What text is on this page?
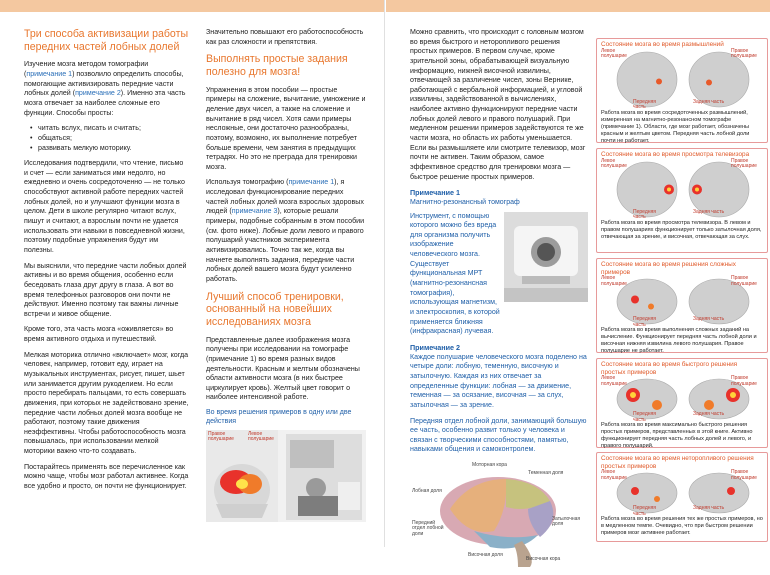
Три способа активизации работы передних частей лобных долей

Изучение мозга методом томографии (примечание 1) позволило определить способы, помогающие активизировать передние части лобных долей (примечание 2). Именно эта часть мозга отвечает за наиболее сложные его функции. Способы просты:

• читать вслух, писать и считать;
• общаться;
• развивать мелкую моторику.

Исследования подтвердили, что чтение, письмо и счет — если заниматься ими недолго, но ежедневно и очень сосредоточенно — не только способствуют активной работе передних частей лобных долей, но и улучшают функции мозга в целом. Дети в школе регулярно читают вслух, пишут и считают, а взрослым почти не удается использовать эти навыки в повседневной жизни, поэтому подобные упражнения будут им полезны.

Мы выяснили, что передние части лобных долей активны и во время общения, особенно если беседовать глаза друг другу в глаза. А вот во время телефонных разговоров они почти не действуют. Именно поэтому так важны личные встречи и живое общение.

Кроме того, эта часть мозга «оживляется» во время активного отдыха и путешествий.

Мелкая моторика отлично «включает» мозг, когда человек, например, готовит еду, играет на музыкальных инструментах, рисует, пишет, шьет или занимается другим рукоделием. Но если просто перебирать пальцами, то есть совершать движения, при которых не задействовано зрение, передние части лобных долей мозга вообще не работают, поэтому такие движения неэффективны. Чтобы работоспособность мозга повышалась, при использовании мелкой моторики важно что-то создавать.

Постарайтесь применять все перечисленное как можно чаще, чтобы мозг работал активнее. Когда все удобно и просто, он почти не функционирует.

Значительно повышают его работоспособность как раз сложности и препятствия.

Выполнять простые задания полезно для мозга!

Упражнения в этом пособии — простые примеры на сложение, вычитание, умножение и деление двух чисел, а также на сложение и вычитание в ряд чисел. Хотя сами примеры несложные, они достаточно разнообразны, поэтому, возможно, их выполнение потребует больше времени, чем занятия в предыдущих тетрадях. Но это не преграда для тренировки мозга.

Используя томографию (примечание 1), я исследовал функционирование передних частей лобных долей мозга взрослых здоровых людей (примечание 3), которые решали примеры, подобные собранным в этом пособии (см. фото ниже). Лобные доли левого и правого полушарий участников эксперимента активизировались. Точно так же, когда вы начнете выполнять задания, передние части лобных долей вашего мозга будут усиленно работать.

Лучший способ тренировки, основанный на новейших исследованиях мозга

Представленные далее изображения мозга получены при исследовании на томографе (примечание 1) во время разных видов деятельности. Красным и желтым обозначены области активности мозга (в них быстрее циркулирует кровь). Желтый цвет говорит о наиболее интенсивной работе.

Во время решения примеров в одну или две действия
Правое полушарие
Левое полушарие

Можно сравнить, что происходит с головным мозгом во время быстрого и неторопливого решения простых примеров. В первом случае, кроме зрительной зоны, обрабатывающей визуальную информацию, нижней височной извилины, отвечающей за различение чисел, зоны Вернике, работающей с вербальной информацией, и угловой извилины, задействованной в вычислениях, наиболее активно функционируют передние части лобных долей левого и правого полушарий. При медленном решении примеров задействуются те же части мозга, но область их работы уменьшается. Если вы размышляете или смотрите телевизор, мозг почти не активен. Таким образом, самое эффективное средство для тренировки мозга — быстрое решение простых примеров.

Примечание 1
Магнитно-резонансный томограф
Инструмент, с помощью которого можно без вреда для организма получить изображение человеческого мозга. Существует функциональная МРТ (магнитно-резонансная томография), использующая магнетизм, и электроскопия, в которой применяется ближняя (инфракрасная) лучевая.
Примечание 2

Каждое полушарие человеческого мозга поделено на четыре доли: лобную, теменную, височную и затылочную. Каждая из них отвечает за определенные функции: лобная — за движение, теменная — за осязание, височная — за слух, затылочная — за зрение.

Передняя отдел лобной доли, занимающий большую ее часть, особенно развит только у человека и связан с творческими способностями, памятью, навыками общения и самоконтролем.

Моторная кора
Теменная доля
Лобная доля
Затылочная доля
Височная доля
Передний отдел лобной доли
Височная кора
Состояние мозга во время размышлений
Левое полушарие
Правое полушарие
Передняя часть
Задняя часть
Работа мозга во время сосредоточенных размышлений, измеренная на магнитно-резонансном томографе (примечание 1). Области, где мозг работает, обозначены красным и желтым цветом. Передняя часть лобной доли почти не работает.
Состояние мозга во время просмотра телевизора
Левое полушарие
Правое полушарие
Передняя часть
Задняя часть
Работа мозга во время просмотра телевизора. В левом и правом полушариях функционирует только затылочная доля, отвечающая за зрение, и височная, отвечающая за слух.
Состояние мозга во время решения сложных примеров
Левое полушарие
Правое полушарие
Передняя часть
Задняя часть
Работа мозга во время выполнения сложных заданий на вычисление. Функционирует передняя часть лобной доли и височная нижняя извилина левого полушария. Правое полушарие не работает.
Состояние мозга во время быстрого решения простых примеров
Левое полушарие
Правое полушарие
Передняя часть
Задняя часть
Работа мозга во время максимально быстрого решения простых примеров, представленных в этой книге. Активно функционирует передняя часть лобных долей и левого, и правого полушарий.
Состояние мозга во время неторопливого решения простых примеров
Левое полушарие
Правое полушарие
Передняя часть
Задняя часть
Работа мозга во время решения тех же простых примеров, но в медленном темпе. Очевидно, что при быстром решении примеров мозг активнее работает.
